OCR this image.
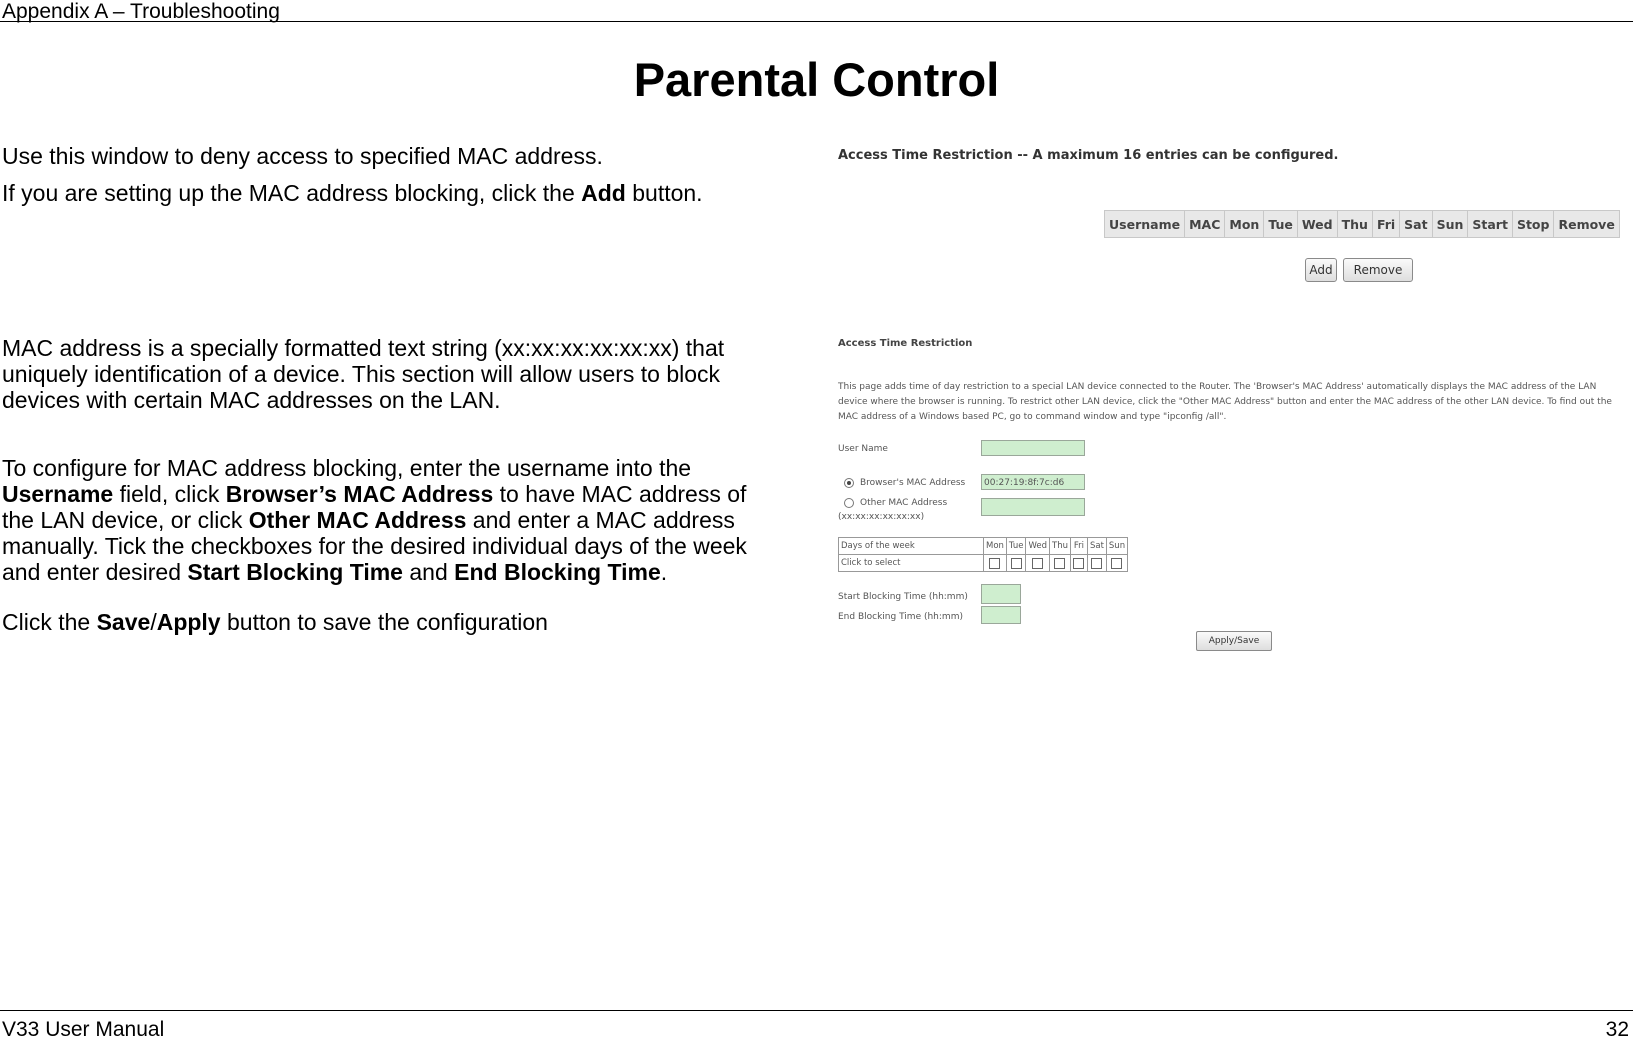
Appendix A – Troubleshooting
Parental Control
Use this window to deny access to specified MAC address.
If you are setting up the MAC address blocking, click the Add button.
MAC address is a specially formatted text string (xx:xx:xx:xx:xx:xx) that
uniquely identification of a device. This section will allow users to block
devices with certain MAC addresses on the LAN.
To configure for MAC address blocking, enter the username into the
Username field, click Browser’s MAC Address to have MAC address of
the LAN device, or click Other MAC Address and enter a MAC address
manually. Tick the checkboxes for the desired individual days of the week
and enter desired Start Blocking Time and End Blocking Time.
Click the Save/Apply button to save the configuration
Access Time Restriction -- A maximum 16 entries can be configured.
Username	MAC	Mon	Tue	Wed	Thu	Fri	Sat	Sun	Start	Stop	Remove
Add	Remove
Access Time Restriction
This page adds time of day restriction to a special LAN device connected to the Router. The 'Browser's MAC Address' automatically displays the MAC address of the LAN device where the browser is running. To restrict other LAN device, click the "Other MAC Address" button and enter the MAC address of the other LAN device. To find out the MAC address of a Windows based PC, go to command window and type "ipconfig /all".
User Name
Browser's MAC Address	00:27:19:8f:7c:d6
Other MAC Address
(xx:xx:xx:xx:xx:xx)
Days of the week	Mon	Tue	Wed	Thu	Fri	Sat	Sun
Click to select							
Start Blocking Time (hh:mm)
End Blocking Time (hh:mm)
Apply/Save
V33 User Manual	32
